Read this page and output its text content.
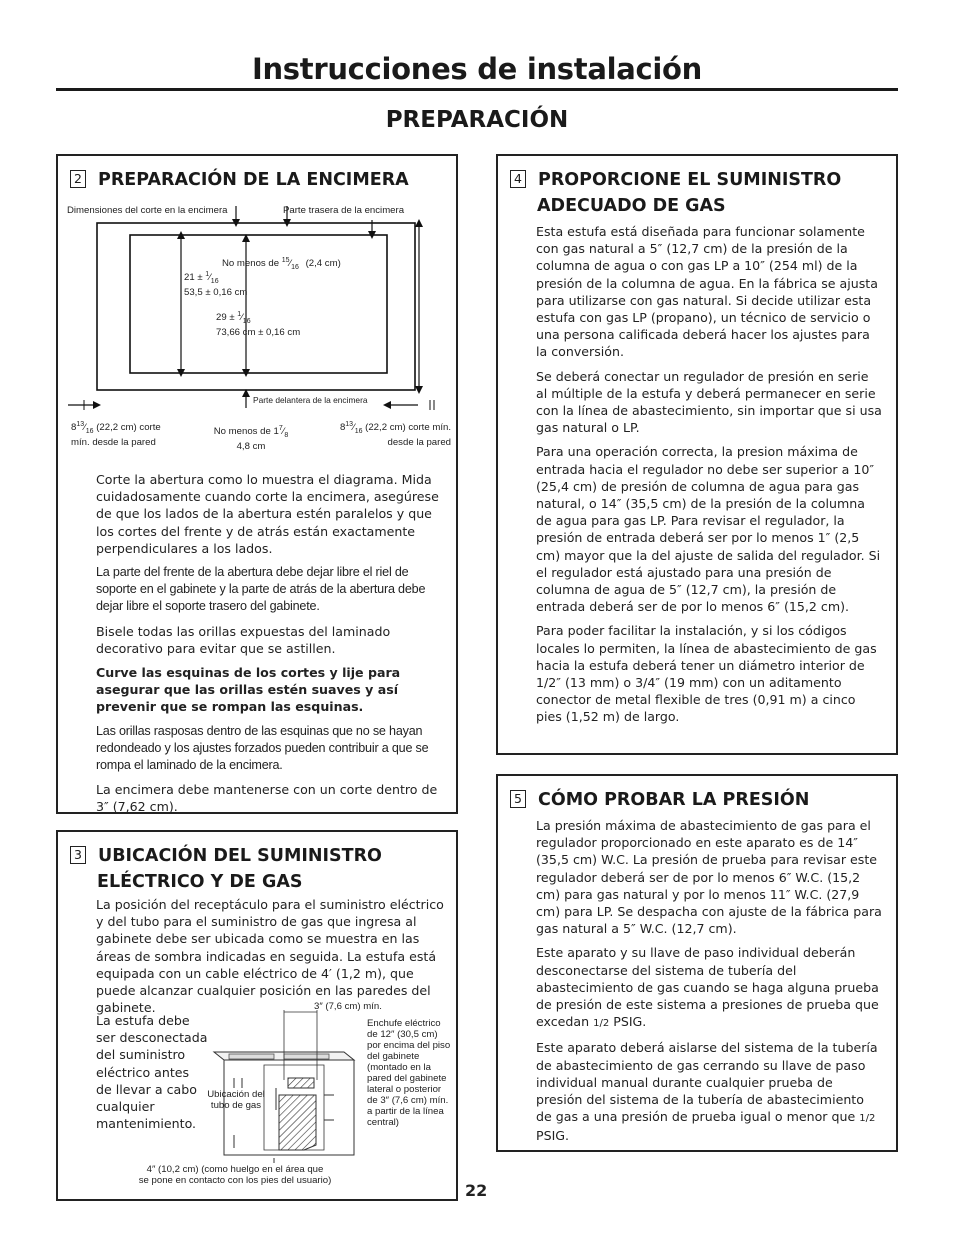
Instrucciones de instalación
PREPARACIÓN
2 PREPARACIÓN DE LA ENCIMERA
Dimensiones del corte en la encimera	Parte trasera de la encimera
No menos de $^{15}⁄_{16}$ (2,4 cm)
$21 \pm ^1⁄_{16}$
53,5 ± 0,16 cm
$29 \pm ^1⁄_{16}$
73,66 cm ± 0,16 cm
Parte delantera de la encimera
$8^{13}⁄_{16}$ (22,2 cm) corte
mín. desde la pared
No menos de $1^7⁄_8$
4,8 cm
$8^{13}⁄_{16}$ (22,2 cm) corte mín.
desde la pared

Corte la abertura como lo muestra el diagrama. Mida cuidadosamente cuando corte la encimera, asegúrese de que los lados de la abertura estén paralelos y que los cortes del frente y de atrás están exactamente perpendiculares a los lados.

La parte del frente de la abertura debe dejar libre el riel de soporte en el gabinete y la parte de atrás de la abertura debe dejar libre el soporte trasero del gabinete.

Bisele todas las orillas expuestas del laminado decorativo para evitar que se astillen.

Curve las esquinas de los cortes y lije para asegurar que las orillas estén suaves y así prevenir que se rompan las esquinas.

Las orillas rasposas dentro de las esquinas que no se hayan redondeado y los ajustes forzados pueden contribuir a que se rompa el laminado de la encimera.

La encimera debe mantenerse con un corte dentro de 3″ (7,62 cm).

3 UBICACIÓN DEL SUMINISTRO
ELÉCTRICO Y DE GAS
La posición del receptáculo para el suministro eléctrico y del tubo para el suministro de gas que ingresa al gabinete debe ser ubicada como se muestra en las áreas de sombra indicadas en seguida. La estufa está equipada con un cable eléctrico de 4′ (1,2 m), que puede alcanzar cualquier posición en las paredes del gabinete.
La estufa debe ser desconectada del suministro eléctrico antes de llevar a cabo cualquier mantenimiento.
3″ (7,6 cm) mín.
Ubicación del tubo de gas
Enchufe eléctrico de 12″ (30,5 cm) por encima del piso del gabinete (montado en la pared del gabinete lateral o posterior de 3″ (7,6 cm) mín. a partir de la línea central)
4″ (10,2 cm) (como huelgo en el área que
se pone en contacto con los pies del usuario)
22
4 PROPORCIONE EL SUMINISTRO
ADECUADO DE GAS

Esta estufa está diseñada para funcionar solamente con gas natural a 5″ (12,7 cm) de la presión de la columna de agua o con gas LP a 10″ (254 ml) de la presión de la columna de agua. En la fábrica se ajusta para utilizarse con gas natural. Si decide utilizar esta estufa con gas LP (propano), un técnico de servicio o una persona calificada deberá hacer los ajustes para la conversión.

Se deberá conectar un regulador de presión en serie al múltiple de la estufa y deberá permanecer en serie con la línea de abastecimiento, sin importar que si usa gas natural o LP.

Para una operación correcta, la presion máxima de entrada hacia el regulador no debe ser superior a 10″ (25,4 cm) de presión de columna de agua para gas natural, o 14″ (35,5 cm) de la presión de la columna de agua para gas LP. Para revisar el regulador, la presión de entrada deberá ser por lo menos 1″ (2,5 cm) mayor que la del ajuste de salida del regulador. Si el regulador está ajustado para una presión de columna de agua de 5″ (12,7 cm), la presión de entrada deberá ser de por lo menos 6″ (15,2 cm).

Para poder facilitar la instalación, y si los códigos locales lo permiten, la línea de abastecimiento de gas hacia la estufa deberá tener un diámetro interior de 1/2″ (13 mm) o 3/4″ (19 mm) con un aditamento conector de metal flexible de tres (0,91 m) a cinco pies (1,52 m) de largo.

5 CÓMO PROBAR LA PRESIÓN

La presión máxima de abastecimiento de gas para el regulador proporcionado en este aparato es de 14″ (35,5 cm) W.C. La presión de prueba para revisar este regulador deberá ser de por lo menos 6″ W.C. (15,2 cm) para gas natural y por lo menos 11″ W.C. (27,9 cm) para LP. Se despacha con ajuste de la fábrica para gas natural a 5″ W.C. (12,7 cm).

Este aparato y su llave de paso individual deberán desconectarse del sistema de tubería del abastecimiento de gas cuando se haga alguna prueba de presión de este sistema a presiones de prueba que excedan 1/2 PSIG.

Este aparato deberá aislarse del sistema de la tubería de abastecimiento de gas cerrando su llave de paso individual manual durante cualquier prueba de presión del sistema de la tubería de abastecimiento de gas a una presión de prueba igual o menor que 1/2 PSIG.
